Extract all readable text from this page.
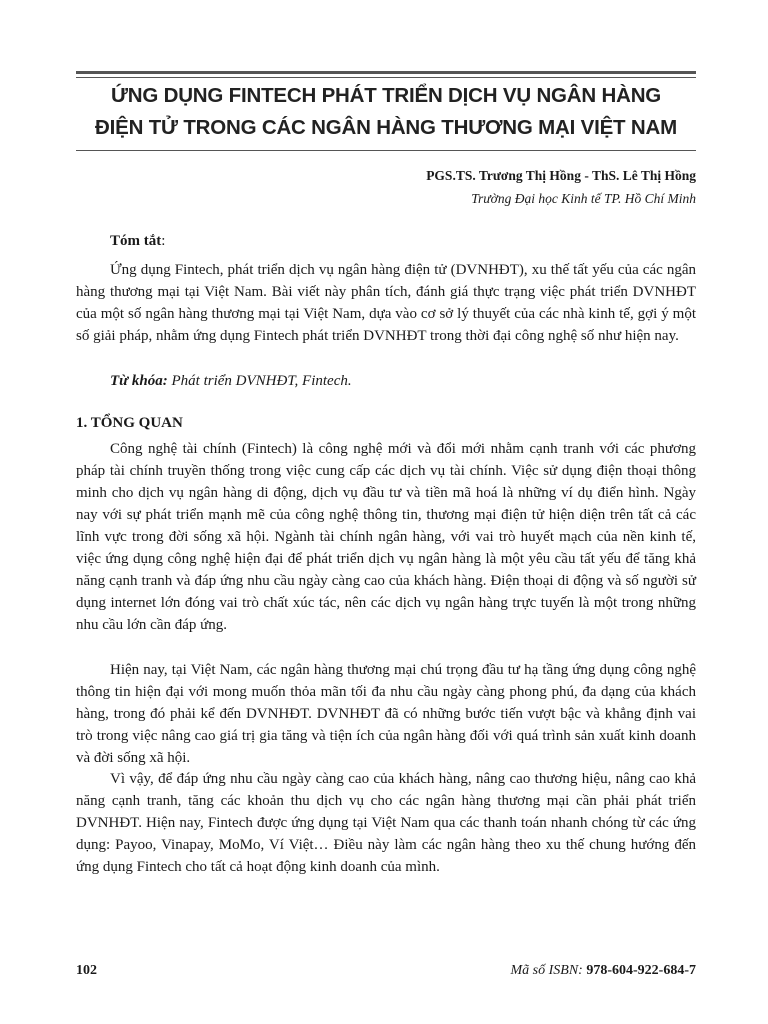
ỨNG DỤNG FINTECH PHÁT TRIỂN DỊCH VỤ NGÂN HÀNG
ĐIỆN TỬ TRONG CÁC NGÂN HÀNG THƯƠNG MẠI VIỆT NAM
PGS.TS. Trương Thị Hồng - ThS. Lê Thị Hồng
Trường Đại học Kinh tế TP. Hồ Chí Minh
Tóm tắt:

Ứng dụng Fintech, phát triển dịch vụ ngân hàng điện tử (DVNHĐT), xu thế tất yếu của các ngân hàng thương mại tại Việt Nam. Bài viết này phân tích, đánh giá thực trạng việc phát triển DVNHĐT của một số ngân hàng thương mại tại Việt Nam, dựa vào cơ sở lý thuyết của các nhà kinh tế, gợi ý một số giải pháp, nhằm ứng dụng Fintech phát triển DVNHĐT trong thời đại công nghệ số như hiện nay.

Từ khóa: Phát triển DVNHĐT, Fintech.
1. TỔNG QUAN

Công nghệ tài chính (Fintech) là công nghệ mới và đổi mới nhằm cạnh tranh với các phương pháp tài chính truyền thống trong việc cung cấp các dịch vụ tài chính. Việc sử dụng điện thoại thông minh cho dịch vụ ngân hàng di động, dịch vụ đầu tư và tiền mã hoá là những ví dụ điển hình. Ngày nay với sự phát triển mạnh mẽ của công nghệ thông tin, thương mại điện tử hiện diện trên tất cả các lĩnh vực trong đời sống xã hội. Ngành tài chính ngân hàng, với vai trò huyết mạch của nền kinh tế, việc ứng dụng công nghệ hiện đại để phát triển dịch vụ ngân hàng là một yêu cầu tất yếu để tăng khả năng cạnh tranh và đáp ứng nhu cầu ngày càng cao của khách hàng. Điện thoại di động và số người sử dụng internet lớn đóng vai trò chất xúc tác, nên các dịch vụ ngân hàng trực tuyến là một trong những nhu cầu lớn cần đáp ứng.

Hiện nay, tại Việt Nam, các ngân hàng thương mại chú trọng đầu tư hạ tầng ứng dụng công nghệ thông tin hiện đại với mong muốn thỏa mãn tối đa nhu cầu ngày càng phong phú, đa dạng của khách hàng, trong đó phải kể đến DVNHĐT. DVNHĐT đã có những bước tiến vượt bậc và khẳng định vai trò trong việc nâng cao giá trị gia tăng và tiện ích của ngân hàng đối với quá trình sản xuất kinh doanh và đời sống xã hội.

Vì vậy, để đáp ứng nhu cầu ngày càng cao của khách hàng, nâng cao thương hiệu, nâng cao khả năng cạnh tranh, tăng các khoản thu dịch vụ cho các ngân hàng thương mại cần phải phát triển DVNHĐT. Hiện nay, Fintech được ứng dụng tại Việt Nam qua các thanh toán nhanh chóng từ các ứng dụng: Payoo, Vinapay, MoMo, Ví Việt… Điều này làm các ngân hàng theo xu thế chung hướng đến ứng dụng Fintech cho tất cả hoạt động kinh doanh của mình.

102	Mã số ISBN: 978-604-922-684-7
